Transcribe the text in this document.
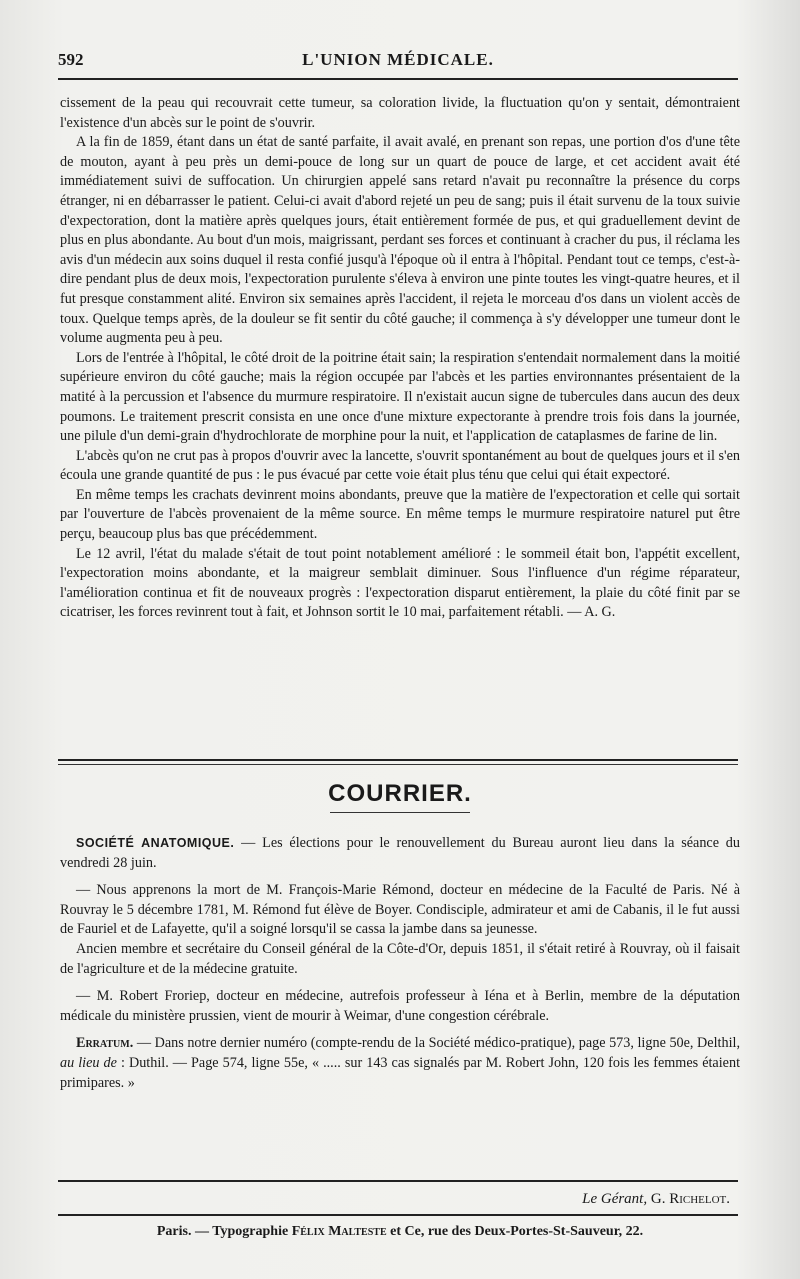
592	L'UNION MÉDICALE.

cissement de la peau qui recouvrait cette tumeur, sa coloration livide, la fluctuation qu'on y sentait, démontraient l'existence d'un abcès sur le point de s'ouvrir.

A la fin de 1859, étant dans un état de santé parfaite, il avait avalé, en prenant son repas, une portion d'os d'une tête de mouton, ayant à peu près un demi-pouce de long sur un quart de pouce de large, et cet accident avait été immédiatement suivi de suffocation. Un chirurgien appelé sans retard n'avait pu reconnaître la présence du corps étranger, ni en débarrasser le patient. Celui-ci avait d'abord rejeté un peu de sang; puis il était survenu de la toux suivie d'expectoration, dont la matière après quelques jours, était entièrement formée de pus, et qui graduellement devint de plus en plus abondante. Au bout d'un mois, maigrissant, perdant ses forces et continuant à cracher du pus, il réclama les avis d'un médecin aux soins duquel il resta confié jusqu'à l'époque où il entra à l'hôpital. Pendant tout ce temps, c'est-à-dire pendant plus de deux mois, l'expectoration purulente s'éleva à environ une pinte toutes les vingt-quatre heures, et il fut presque constamment alité. Environ six semaines après l'accident, il rejeta le morceau d'os dans un violent accès de toux. Quelque temps après, de la douleur se fit sentir du côté gauche; il commença à s'y développer une tumeur dont le volume augmenta peu à peu.

Lors de l'entrée à l'hôpital, le côté droit de la poitrine était sain; la respiration s'entendait normalement dans la moitié supérieure environ du côté gauche; mais la région occupée par l'abcès et les parties environnantes présentaient de la matité à la percussion et l'absence du murmure respiratoire. Il n'existait aucun signe de tubercules dans aucun des deux poumons. Le traitement prescrit consista en une once d'une mixture expectorante à prendre trois fois dans la journée, une pilule d'un demi-grain d'hydrochlorate de morphine pour la nuit, et l'application de cataplasmes de farine de lin.

L'abcès qu'on ne crut pas à propos d'ouvrir avec la lancette, s'ouvrit spontanément au bout de quelques jours et il s'en écoula une grande quantité de pus : le pus évacué par cette voie était plus ténu que celui qui était expectoré.

En même temps les crachats devinrent moins abondants, preuve que la matière de l'expectoration et celle qui sortait par l'ouverture de l'abcès provenaient de la même source. En même temps le murmure respiratoire naturel put être perçu, beaucoup plus bas que précédemment.

Le 12 avril, l'état du malade s'était de tout point notablement amélioré : le sommeil était bon, l'appétit excellent, l'expectoration moins abondante, et la maigreur semblait diminuer. Sous l'influence d'un régime réparateur, l'amélioration continua et fit de nouveaux progrès : l'expectoration disparut entièrement, la plaie du côté finit par se cicatriser, les forces revinrent tout à fait, et Johnson sortit le 10 mai, parfaitement rétabli. — A. G.

COURRIER.

SOCIÉTÉ ANATOMIQUE. — Les élections pour le renouvellement du Bureau auront lieu dans la séance du vendredi 28 juin.

— Nous apprenons la mort de M. François-Marie Rémond, docteur en médecine de la Faculté de Paris. Né à Rouvray le 5 décembre 1781, M. Rémond fut élève de Boyer. Condisciple, admirateur et ami de Cabanis, il le fut aussi de Fauriel et de Lafayette, qu'il a soigné lorsqu'il se cassa la jambe dans sa jeunesse.

Ancien membre et secrétaire du Conseil général de la Côte-d'Or, depuis 1851, il s'était retiré à Rouvray, où il faisait de l'agriculture et de la médecine gratuite.

— M. Robert Froriep, docteur en médecine, autrefois professeur à Iéna et à Berlin, membre de la députation médicale du ministère prussien, vient de mourir à Weimar, d'une congestion cérébrale.

Erratum. — Dans notre dernier numéro (compte-rendu de la Société médico-pratique), page 573, ligne 50e, Delthil, au lieu de : Duthil. — Page 574, ligne 55e, « ..... sur 143 cas signalés par M. Robert John, 120 fois les femmes étaient primipares. »

Le Gérant, G. Richelot.
Paris. — Typographie Félix Malteste et Ce, rue des Deux-Portes-St-Sauveur, 22.
